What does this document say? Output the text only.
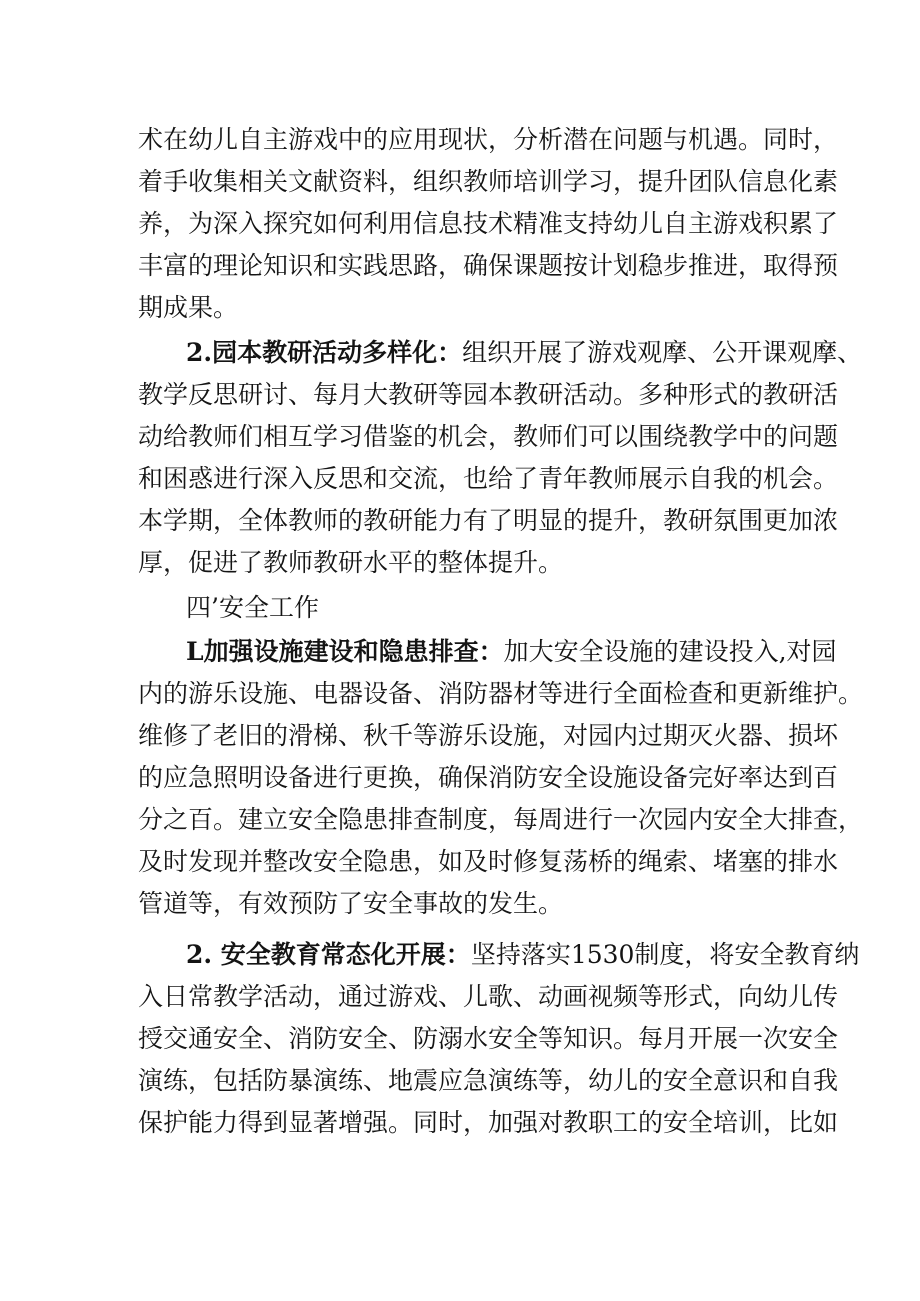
术在幼儿自主游戏中的应用现状，分析潜在问题与机遇。同时，
着手收集相关文献资料，组织教师培训学习，提升团队信息化素
养，为深入探究如何利用信息技术精准支持幼儿自主游戏积累了
丰富的理论知识和实践思路，确保课题按计划稳步推进，取得预
期成果。
2.园本教研活动多样化：组织开展了游戏观摩、公开课观摩、
教学反思研讨、每月大教研等园本教研活动。多种形式的教研活
动给教师们相互学习借鉴的机会，教师们可以围绕教学中的问题
和困惑进行深入反思和交流，也给了青年教师展示自我的机会。
本学期，全体教师的教研能力有了明显的提升，教研氛围更加浓
厚，促进了教师教研水平的整体提升。
四’安全工作
L加强设施建设和隐患排查：加大安全设施的建设投入,对园
内的游乐设施、电器设备、消防器材等进行全面检查和更新维护。
维修了老旧的滑梯、秋千等游乐设施，对园内过期灭火器、损坏
的应急照明设备进行更换，确保消防安全设施设备完好率达到百
分之百。建立安全隐患排查制度，每周进行一次园内安全大排查，
及时发现并整改安全隐患，如及时修复荡桥的绳索、堵塞的排水
管道等，有效预防了安全事故的发生。
2. 安全教育常态化开展：坚持落实1530制度，将安全教育纳
入日常教学活动，通过游戏、儿歌、动画视频等形式，向幼儿传
授交通安全、消防安全、防溺水安全等知识。每月开展一次安全
演练，包括防暴演练、地震应急演练等，幼儿的安全意识和自我
保护能力得到显著增强。同时，加强对教职工的安全培训，比如
